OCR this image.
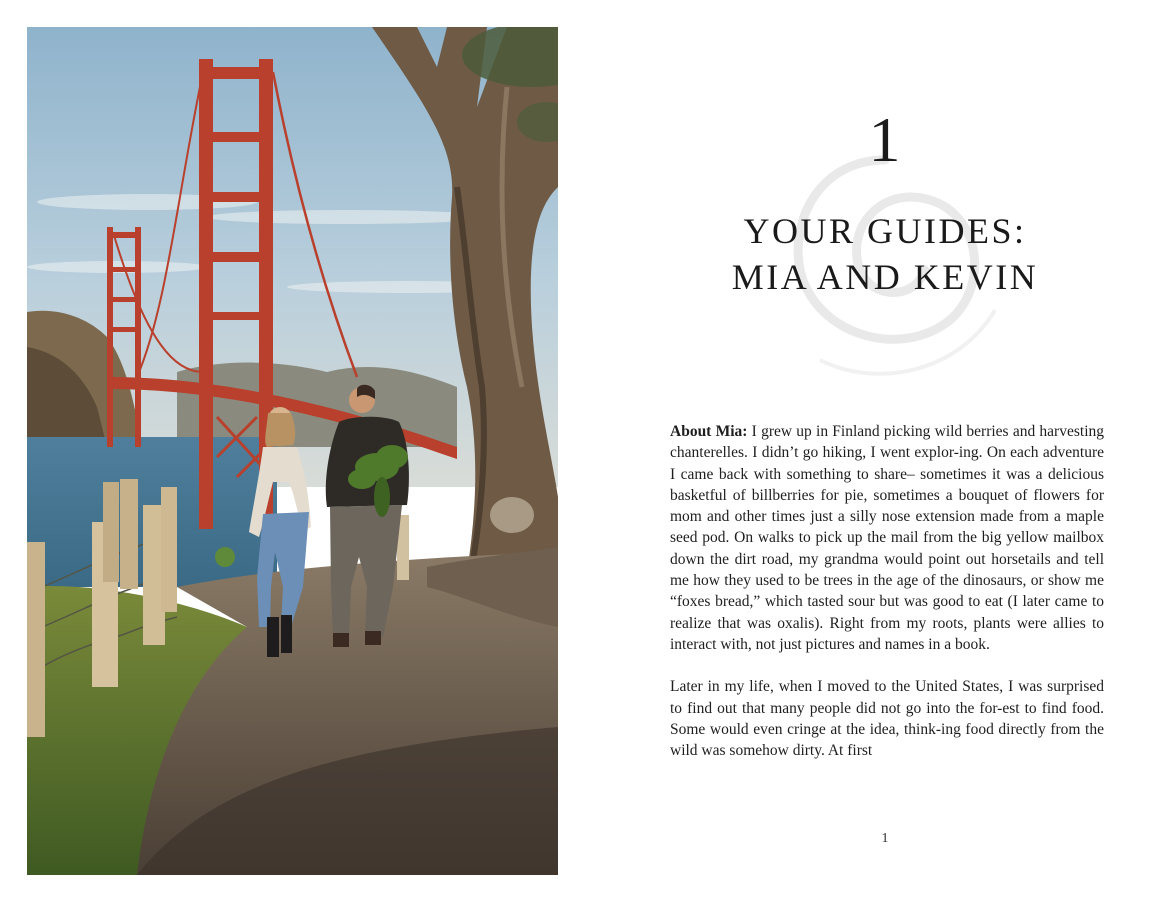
1
YOUR GUIDES:
MIA AND KEVIN

About Mia: I grew up in Finland picking wild berries and harvesting chanterelles. I didn’t go hiking, I went explor-ing. On each adventure I came back with something to share– sometimes it was a delicious basketful of billberries for pie, sometimes a bouquet of flowers for mom and other times just a silly nose extension made from a maple seed pod. On walks to pick up the mail from the big yellow mailbox down the dirt road, my grandma would point out horsetails and tell me how they used to be trees in the age of the dinosaurs, or show me “foxes bread,” which tasted sour but was good to eat (I later came to realize that was oxalis). Right from my roots, plants were allies to interact with, not just pictures and names in a book.

Later in my life, when I moved to the United States, I was surprised to find out that many people did not go into the for-est to find food. Some would even cringe at the idea, think-ing food directly from the wild was somehow dirty. At first

1
